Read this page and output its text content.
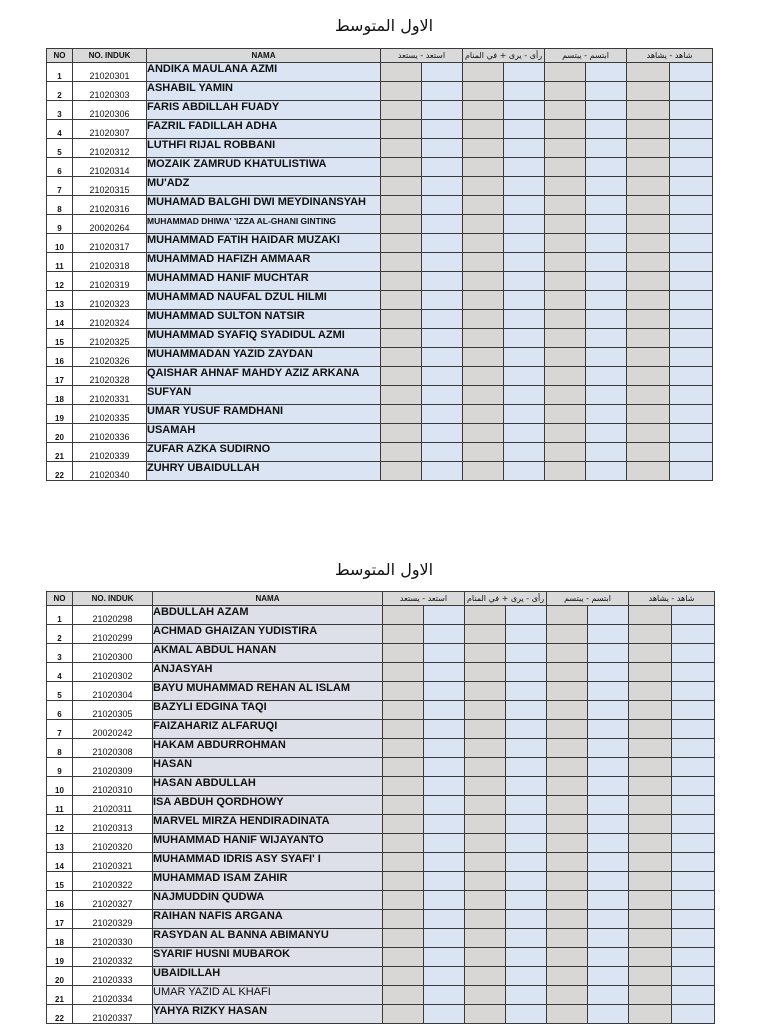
الاول المتوسط
NO	NO. INDUK	NAMA	استعد - يستعد		رأى - يرى + في المنام		ابتسم - يبتسم		شاهد - يشاهد	
1	21020301	ANDIKA MAULANA AZMI								
2	21020303	ASHABIL YAMIN								
3	21020306	FARIS ABDILLAH FUADY								
4	21020307	FAZRIL FADILLAH ADHA								
5	21020312	LUTHFI RIJAL ROBBANI								
6	21020314	MOZAIK ZAMRUD KHATULISTIWA								
7	21020315	MU'ADZ								
8	21020316	MUHAMAD BALGHI DWI MEYDINANSYAH								
9	20020264	MUHAMMAD DHIWA' 'IZZA AL-GHANI GINTING								
10	21020317	MUHAMMAD FATIH HAIDAR MUZAKI								
11	21020318	MUHAMMAD HAFIZH AMMAAR								
12	21020319	MUHAMMAD HANIF MUCHTAR								
13	21020323	MUHAMMAD NAUFAL DZUL HILMI								
14	21020324	MUHAMMAD SULTON NATSIR								
15	21020325	MUHAMMAD SYAFIQ SYADIDUL AZMI								
16	21020326	MUHAMMADAN YAZID ZAYDAN								
17	21020328	QAISHAR AHNAF MAHDY AZIZ ARKANA								
18	21020331	SUFYAN								
19	21020335	UMAR YUSUF RAMDHANI								
20	21020336	USAMAH								
21	21020339	ZUFAR AZKA SUDIRNO								
22	21020340	ZUHRY UBAIDULLAH								
الاول المتوسط
NO	NO. INDUK	NAMA	استعد - يستعد		رأى - يرى + في المنام		ابتسم - يبتسم		شاهد - يشاهد	
1	21020298	ABDULLAH AZAM								
2	21020299	ACHMAD GHAIZAN YUDISTIRA								
3	21020300	AKMAL ABDUL HANAN								
4	21020302	ANJASYAH								
5	21020304	BAYU MUHAMMAD REHAN AL ISLAM								
6	21020305	BAZYLI EDGINA TAQI								
7	20020242	FAIZAHARIZ ALFARUQI								
8	21020308	HAKAM ABDURROHMAN								
9	21020309	HASAN								
10	21020310	HASAN ABDULLAH								
11	21020311	ISA ABDUH QORDHOWY								
12	21020313	MARVEL MIRZA HENDIRADINATA								
13	21020320	MUHAMMAD HANIF WIJAYANTO								
14	21020321	MUHAMMAD IDRIS ASY SYAFI' I								
15	21020322	MUHAMMAD ISAM ZAHIR								
16	21020327	NAJMUDDIN QUDWA								
17	21020329	RAIHAN NAFIS ARGANA								
18	21020330	RASYDAN AL BANNA ABIMANYU								
19	21020332	SYARIF HUSNI MUBAROK								
20	21020333	UBAIDILLAH								
21	21020334	UMAR YAZID AL KHAFI								
22	21020337	YAHYA RIZKY HASAN								
